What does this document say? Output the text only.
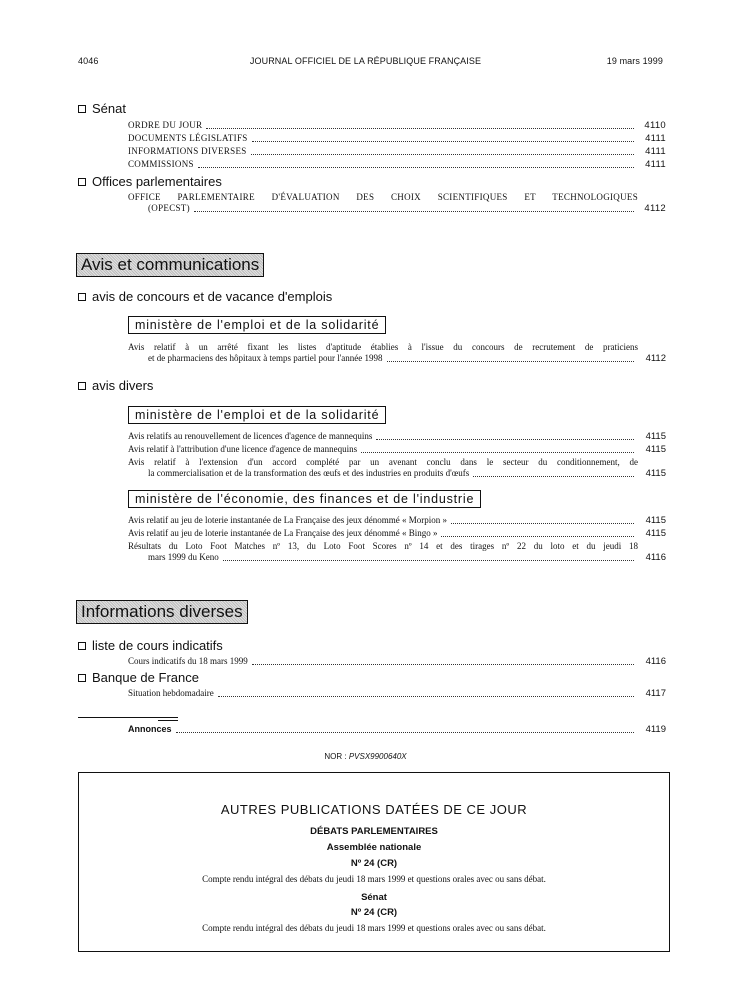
4046	JOURNAL OFFICIEL DE LA RÉPUBLIQUE FRANÇAISE	19 mars 1999
Sénat
ORDRE DU JOUR	4110
DOCUMENTS LÉGISLATIFS	4111
INFORMATIONS DIVERSES	4111
COMMISSIONS	4111
Offices parlementaires
OFFICE PARLEMENTAIRE D'ÉVALUATION DES CHOIX SCIENTIFIQUES ET TECHNOLOGIQUES
(OPECST)	4112
Avis et communications
avis de concours et de vacance d'emplois
ministère de l'emploi et de la solidarité
Avis relatif à un arrêté fixant les listes d'aptitude établies à l'issue du concours de recrutement de praticiens
et de pharmaciens des hôpitaux à temps partiel pour l'année 1998	4112
avis divers
ministère de l'emploi et de la solidarité
Avis relatifs au renouvellement de licences d'agence de mannequins	4115
Avis relatif à l'attribution d'une licence d'agence de mannequins	4115
Avis relatif à l'extension d'un accord complété par un avenant conclu dans le secteur du conditionnement, de
la commercialisation et de la transformation des œufs et des industries en produits d'œufs	4115
ministère de l'économie, des finances et de l'industrie
Avis relatif au jeu de loterie instantanée de La Française des jeux dénommé « Morpion »	4115
Avis relatif au jeu de loterie instantanée de La Française des jeux dénommé « Bingo »	4115
Résultats du Loto Foot Matches nº 13, du Loto Foot Scores nº 14 et des tirages nº 22 du loto et du jeudi 18
mars 1999 du Keno	4116
Informations diverses
liste de cours indicatifs
Cours indicatifs du 18 mars 1999	4116
Banque de France
Situation hebdomadaire	4117
Annonces	4119
NOR : PVSX9900640X
AUTRES PUBLICATIONS DATÉES DE CE JOUR
DÉBATS PARLEMENTAIRES
Assemblée nationale
Nº 24 (CR)
Compte rendu intégral des débats du jeudi 18 mars 1999 et questions orales avec ou sans débat.
Sénat
Nº 24 (CR)
Compte rendu intégral des débats du jeudi 18 mars 1999 et questions orales avec ou sans débat.
